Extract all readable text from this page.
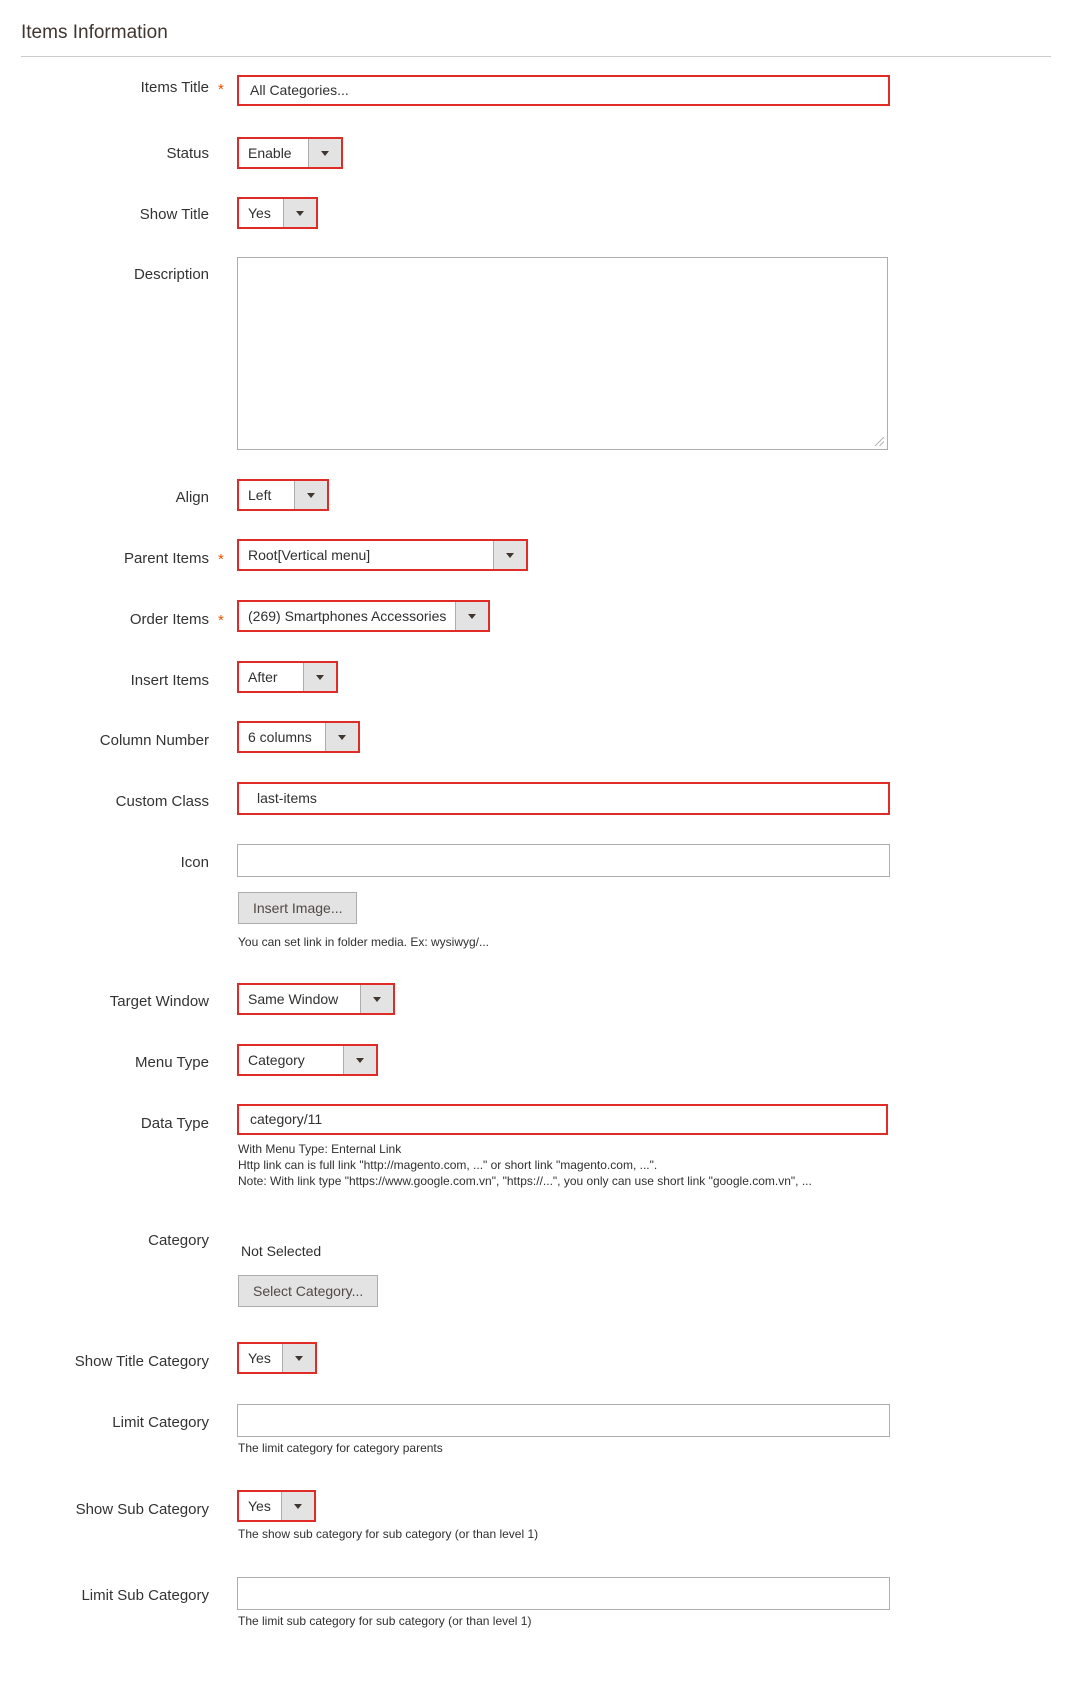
Items Information
Items Title *	All Categories...
Status	Enable
Show Title	Yes
Description
Align	Left
Parent Items * Root[Vertical menu]
Order Items * (269) Smartphones Accessories
Insert Items	After
Column Number	6 columns
Custom Class	last-items
Icon
Insert Image...
You can set link in folder media. Ex: wysiwyg/...
Target Window	Same Window
Menu Type	Category
Data Type	category/11
With Menu Type: Enternal Link
Http link can is full link "http://magento.com, ..." or short link "magento.com, ...".
Note: With link type "https://www.google.com.vn", "https://...", you only can use short link "google.com.vn", ...
Category
Not Selected
Select Category...
Show Title Category	Yes
Limit Category
The limit category for category parents
Show Sub Category	Yes
The show sub category for sub category (or than level 1)
Limit Sub Category
The limit sub category for sub category (or than level 1)
